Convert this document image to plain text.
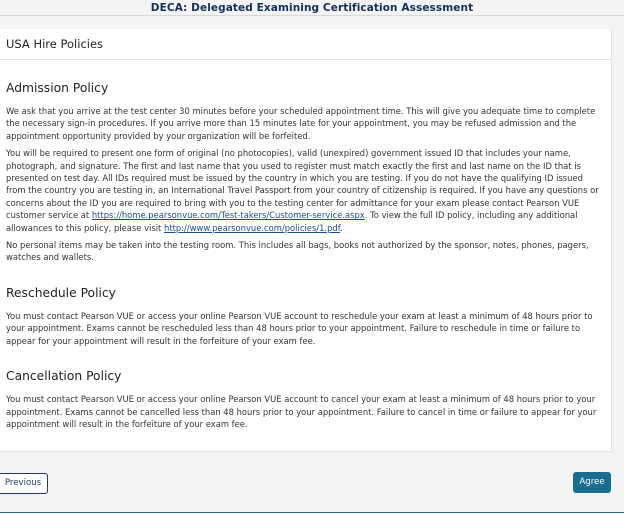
DECA: Delegated Examining Certification Assessment
USA Hire Policies
Admission Policy

We ask that you arrive at the test center 30 minutes before your scheduled appointment time. This will give you adequate time to complete the necessary sign-in procedures. If you arrive more than 15 minutes late for your appointment, you may be refused admission and the appointment opportunity provided by your organization will be forfeited.

You will be required to present one form of original (no photocopies), valid (unexpired) government issued ID that includes your name, photograph, and signature. The first and last name that you used to register must match exactly the first and last name on the ID that is presented on test day. All IDs required must be issued by the country in which you are testing. If you do not have the qualifying ID issued from the country you are testing in, an International Travel Passport from your country of citizenship is required. If you have any questions or concerns about the ID you are required to bring with you to the testing center for admittance for your exam please contact Pearson VUE customer service at https://home.pearsonvue.com/Test-takers/Customer-service.aspx. To view the full ID policy, including any additional allowances to this policy, please visit http://www.pearsonvue.com/policies/1.pdf.

No personal items may be taken into the testing room. This includes all bags, books not authorized by the sponsor, notes, phones, pagers, watches and wallets.

Reschedule Policy

You must contact Pearson VUE or access your online Pearson VUE account to reschedule your exam at least a minimum of 48 hours prior to your appointment. Exams cannot be rescheduled less than 48 hours prior to your appointment. Failure to reschedule in time or failure to appear for your appointment will result in the forfeiture of your exam fee.

Cancellation Policy

You must contact Pearson VUE or access your online Pearson VUE account to cancel your exam at least a minimum of 48 hours prior to your appointment. Exams cannot be cancelled less than 48 hours prior to your appointment. Failure to cancel in time or failure to appear for your appointment will result in the forfeiture of your exam fee.

Previous	Agree
